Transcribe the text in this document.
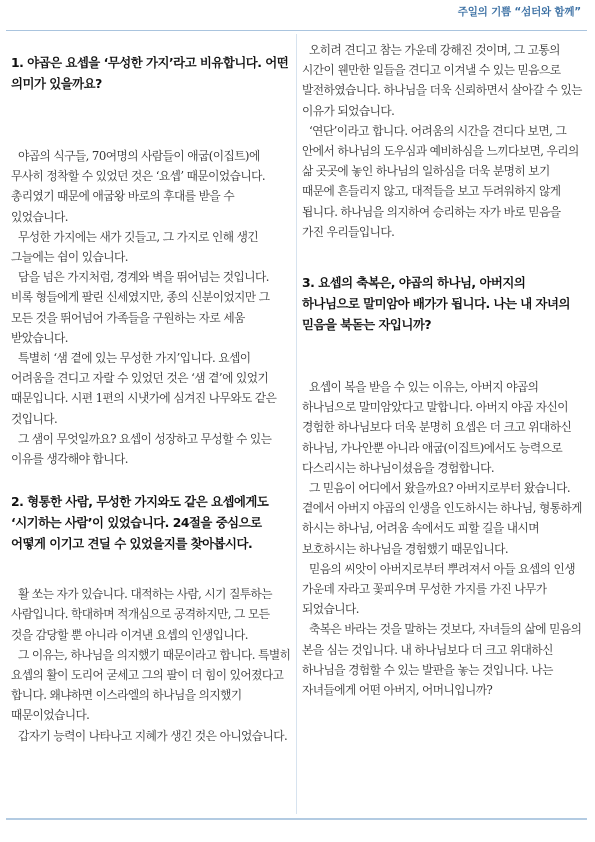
주일의 기쁨 “섬터와 함께”

1. 야곱은 요셉을 ‘무성한 가지’라고 비유합니다. 어떤 의미가 있을까요?

야곱의 식구들, 70여명의 사람들이 애굽(이집트)에 무사히 정착할 수 있었던 것은 ‘요셉’ 때문이었습니다. 총리였기 때문에 애굽왕 바로의 후대를 받을 수 있었습니다.

무성한 가지에는 새가 깃들고, 그 가지로 인해 생긴 그늘에는 쉼이 있습니다.

담을 넘은 가지처럼, 경계와 벽을 뛰어넘는 것입니다. 비록 형들에게 팔린 신세였지만, 종의 신분이었지만 그 모든 것을 뛰어넘어 가족들을 구원하는 자로 세움 받았습니다.

특별히 ‘샘 곁에 있는 무성한 가지’입니다. 요셉이 어려움을 견디고 자랄 수 있었던 것은 ‘샘 곁’에 있었기 때문입니다. 시편 1편의 시냇가에 심겨진 나무와도 같은 것입니다.

그 샘이 무엇일까요? 요셉이 성장하고 무성할 수 있는 이유를 생각해야 합니다.

2. 형통한 사람, 무성한 가지와도 같은 요셉에게도 ‘시기하는 사람’이 있었습니다. 24절을 중심으로 어떻게 이기고 견딜 수 있었을지를 찾아봅시다.

활 쏘는 자가 있습니다. 대적하는 사람, 시기 질투하는 사람입니다. 학대하며 적개심으로 공격하지만, 그 모든 것을 감당할 뿐 아니라 이겨낸 요셉의 인생입니다.

그 이유는, 하나님을 의지했기 때문이라고 합니다. 특별히 요셉의 활이 도리어 굳세고 그의 팔이 더 힘이 있어졌다고 합니다. 왜냐하면 이스라엘의 하나님을 의지했기 때문이었습니다.

갑자기 능력이 나타나고 지혜가 생긴 것은 아니었습니다.

오히려 견디고 참는 가운데 강해진 것이며, 그 고통의 시간이 웬만한 일들을 견디고 이겨낼 수 있는 믿음으로 발전하였습니다. 하나님을 더욱 신뢰하면서 살아갈 수 있는 이유가 되었습니다.

‘연단’이라고 합니다. 어려움의 시간을 견디다 보면, 그 안에서 하나님의 도우심과 예비하심을 느끼다보면, 우리의 삶 곳곳에 놓인 하나님의 일하심을 더욱 분명히 보기 때문에 흔들리지 않고, 대적들을 보고 두려워하지 않게 됩니다. 하나님을 의지하여 승리하는 자가 바로 믿음을 가진 우리들입니다.

3. 요셉의 축복은, 야곱의 하나님, 아버지의 하나님으로 말미암아 배가가 됩니다. 나는 내 자녀의 믿음을 북돋는 자입니까?

요셉이 복을 받을 수 있는 이유는, 아버지 야곱의 하나님으로 말미암았다고 말합니다. 아버지 야곱 자신이 경험한 하나님보다 더욱 분명히 요셉은 더 크고 위대하신 하나님, 가나안뿐 아니라 애굽(이집트)에서도 능력으로 다스리시는 하나님이셨음을 경험합니다.

그 믿음이 어디에서 왔을까요? 아버지로부터 왔습니다. 곁에서 아버지 야곱의 인생을 인도하시는 하나님, 형통하게 하시는 하나님, 어려움 속에서도 피할 길을 내시며 보호하시는 하나님을 경험했기 때문입니다.

믿음의 씨앗이 아버지로부터 뿌려져서 아들 요셉의 인생 가운데 자라고 꽃피우며 무성한 가지를 가진 나무가 되었습니다.

축복은 바라는 것을 말하는 것보다, 자녀들의 삶에 믿음의 본을 심는 것입니다. 내 하나님보다 더 크고 위대하신 하나님을 경험할 수 있는 발판을 놓는 것입니다. 나는 자녀들에게 어떤 아버지, 어머니입니까?
